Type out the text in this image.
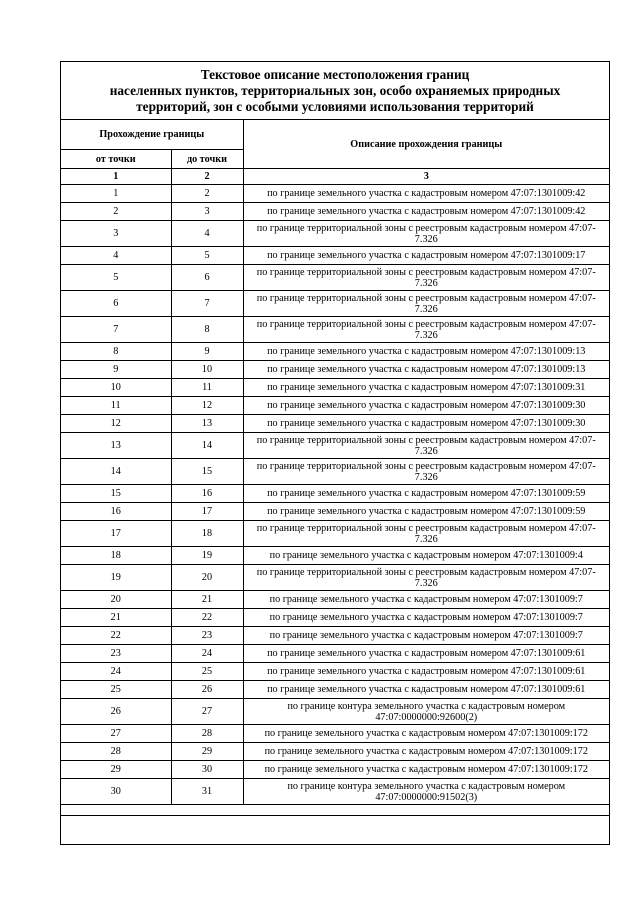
Текстовое описание местоположения границ
населенных пунктов, территориальных зон, особо охраняемых природных
территорий, зон с особыми условиями использования территорий
Прохождение границы		Описание прохождения границы
от точки	до точки	
1	2	3
1	2	по границе земельного участка с кадастровым номером 47:07:1301009:42
2	3	по границе земельного участка с кадастровым номером 47:07:1301009:42
3	4	по границе территориальной зоны с реестровым кадастровым номером 47:07-7.326
4	5	по границе земельного участка с кадастровым номером 47:07:1301009:17
5	6	по границе территориальной зоны с реестровым кадастровым номером 47:07-7.326
6	7	по границе территориальной зоны с реестровым кадастровым номером 47:07-7.326
7	8	по границе территориальной зоны с реестровым кадастровым номером 47:07-7.326
8	9	по границе земельного участка с кадастровым номером 47:07:1301009:13
9	10	по границе земельного участка с кадастровым номером 47:07:1301009:13
10	11	по границе земельного участка с кадастровым номером 47:07:1301009:31
11	12	по границе земельного участка с кадастровым номером 47:07:1301009:30
12	13	по границе земельного участка с кадастровым номером 47:07:1301009:30
13	14	по границе территориальной зоны с реестровым кадастровым номером 47:07-7.326
14	15	по границе территориальной зоны с реестровым кадастровым номером 47:07-7.326
15	16	по границе земельного участка с кадастровым номером 47:07:1301009:59
16	17	по границе земельного участка с кадастровым номером 47:07:1301009:59
17	18	по границе территориальной зоны с реестровым кадастровым номером 47:07-7.326
18	19	по границе земельного участка с кадастровым номером 47:07:1301009:4
19	20	по границе территориальной зоны с реестровым кадастровым номером 47:07-7.326
20	21	по границе земельного участка с кадастровым номером 47:07:1301009:7
21	22	по границе земельного участка с кадастровым номером 47:07:1301009:7
22	23	по границе земельного участка с кадастровым номером 47:07:1301009:7
23	24	по границе земельного участка с кадастровым номером 47:07:1301009:61
24	25	по границе земельного участка с кадастровым номером 47:07:1301009:61
25	26	по границе земельного участка с кадастровым номером 47:07:1301009:61
26	27	по границе контура земельного участка с кадастровым номером 47:07:0000000:92600(2)
27	28	по границе земельного участка с кадастровым номером 47:07:1301009:172
28	29	по границе земельного участка с кадастровым номером 47:07:1301009:172
29	30	по границе земельного участка с кадастровым номером 47:07:1301009:172
30	31	по границе контура земельного участка с кадастровым номером 47:07:0000000:91502(3)
